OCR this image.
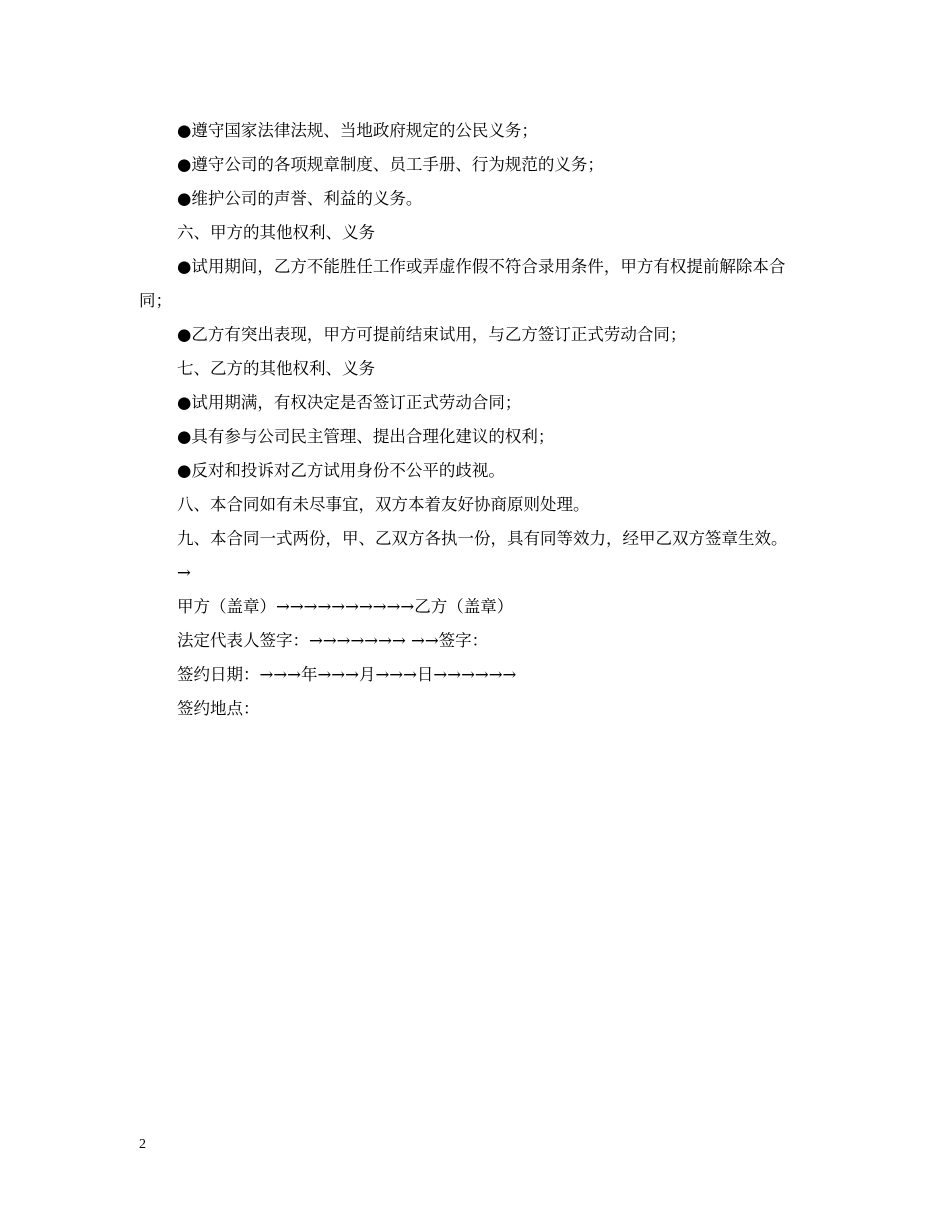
●遵守国家法律法规、当地政府规定的公民义务；

●遵守公司的各项规章制度、员工手册、行为规范的义务；

●维护公司的声誉、利益的义务。

六、甲方的其他权利、义务

●试用期间，乙方不能胜任工作或弄虚作假不符合录用条件，甲方有权提前解除本合同；

●乙方有突出表现，甲方可提前结束试用，与乙方签订正式劳动合同；

七、乙方的其他权利、义务

●试用期满，有权决定是否签订正式劳动合同；

●具有参与公司民主管理、提出合理化建议的权利；

●反对和投诉对乙方试用身份不公平的歧视。

八、本合同如有未尽事宜，双方本着友好协商原则处理。

九、本合同一式两份，甲、乙双方各执一份，具有同等效力，经甲乙双方签章生效。

→

甲方（盖章）→→→→→→→→→→乙方（盖章）

法定代表人签字：→→→→→→→ →→签字：

签约日期：→→→年→→→月→→→日→→→→→→

签约地点：

2
